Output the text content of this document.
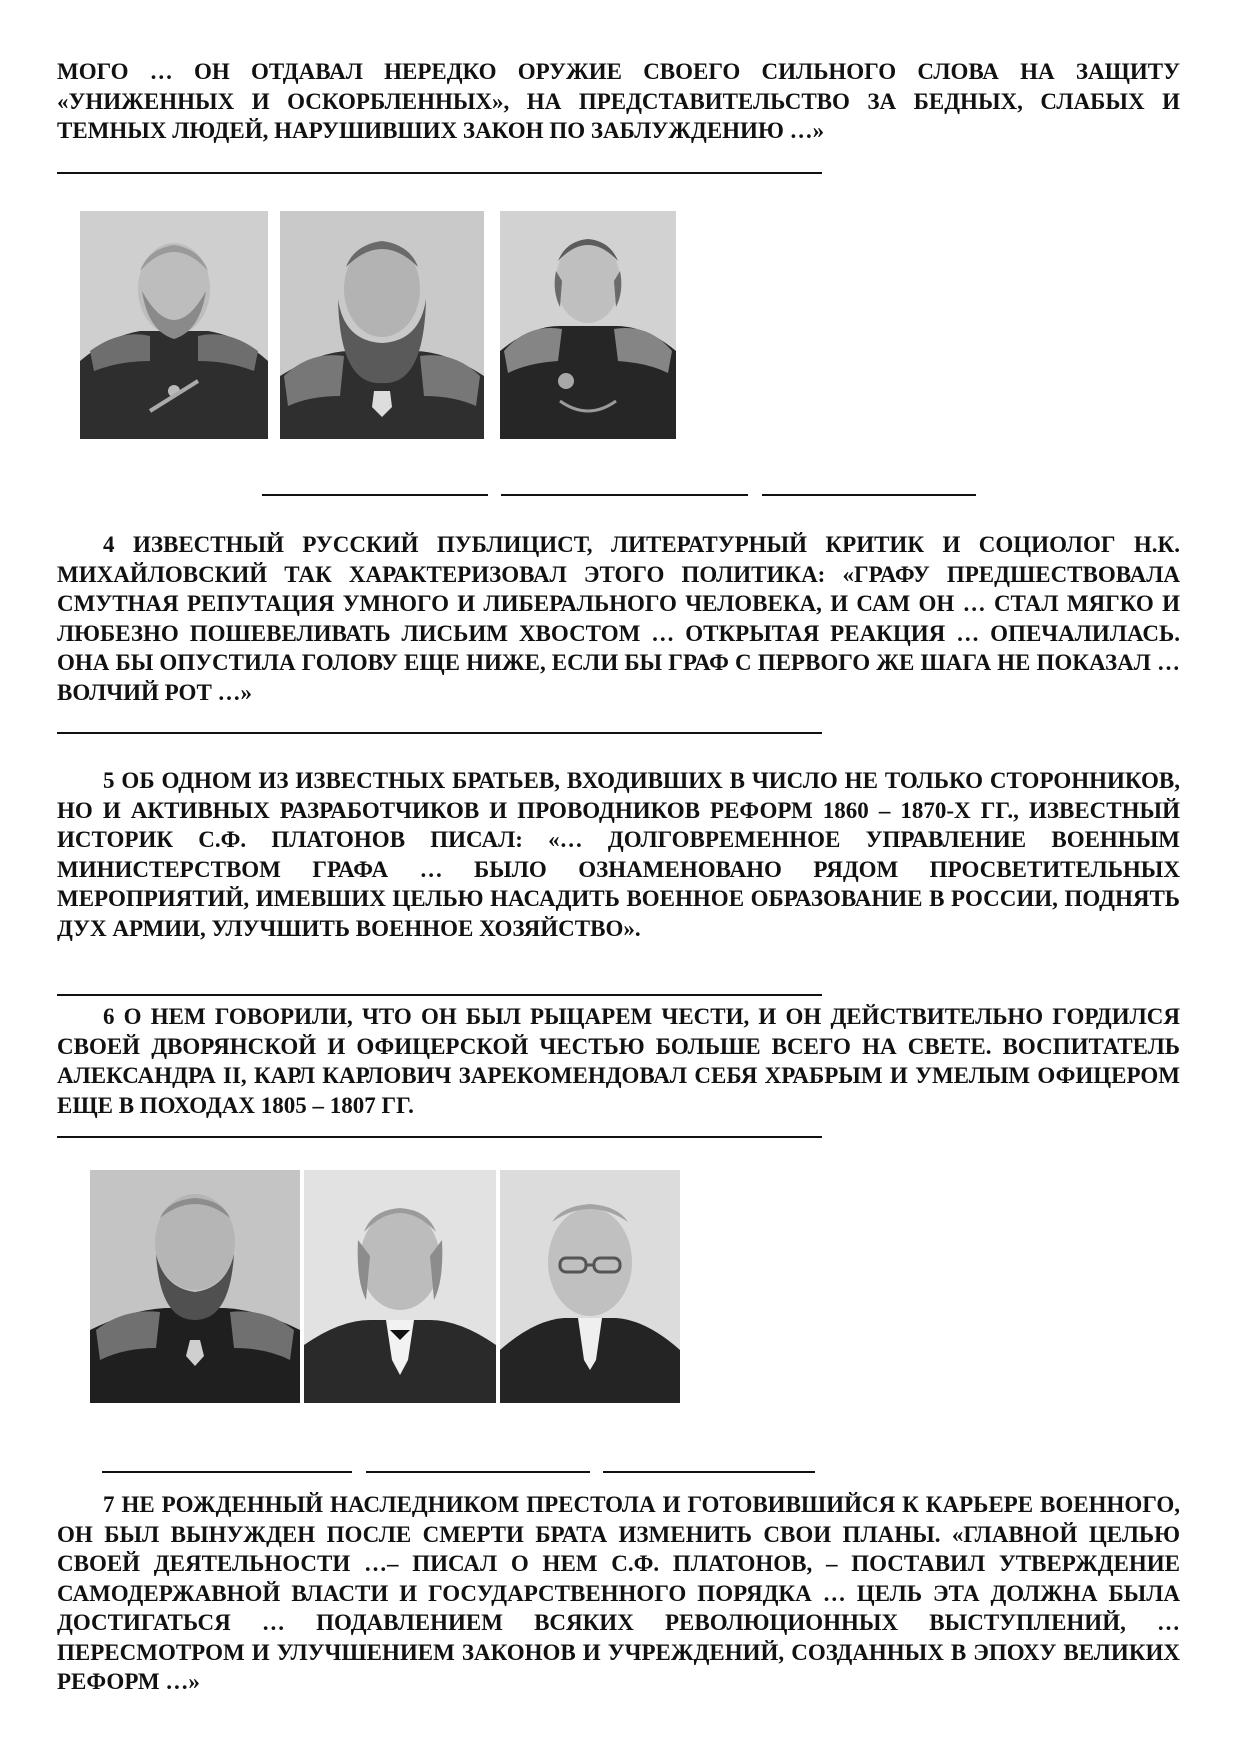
МОГО … ОН ОТДАВАЛ НЕРЕДКО ОРУЖИЕ СВОЕГО СИЛЬНОГО СЛОВА НА ЗАЩИТУ «УНИЖЕННЫХ И ОСКОРБЛЕННЫХ», НА ПРЕДСТАВИТЕЛЬСТВО ЗА БЕДНЫХ, СЛАБЫХ И ТЕМНЫХ ЛЮДЕЙ, НАРУШИВШИХ ЗАКОН ПО ЗАБЛУЖДЕНИЮ …»

4 ИЗВЕСТНЫЙ РУССКИЙ ПУБЛИЦИСТ, ЛИТЕРАТУРНЫЙ КРИТИК И СОЦИОЛОГ Н.К. МИХАЙЛОВСКИЙ ТАК ХАРАКТЕРИЗОВАЛ ЭТОГО ПОЛИТИКА: «ГРАФУ ПРЕДШЕСТВОВАЛА СМУТНАЯ РЕПУТАЦИЯ УМНОГО И ЛИБЕРАЛЬНОГО ЧЕЛОВЕКА, И САМ ОН … СТАЛ МЯГКО И ЛЮБЕЗНО ПОШЕВЕЛИВАТЬ ЛИСЬИМ ХВОСТОМ … ОТКРЫТАЯ РЕАКЦИЯ … ОПЕЧАЛИЛАСЬ. ОНА БЫ ОПУСТИЛА ГОЛОВУ ЕЩЕ НИЖЕ, ЕСЛИ БЫ ГРАФ С ПЕРВОГО ЖЕ ШАГА НЕ ПОКАЗАЛ … ВОЛЧИЙ РОТ …»

5 ОБ ОДНОМ ИЗ ИЗВЕСТНЫХ БРАТЬЕВ, ВХОДИВШИХ В ЧИСЛО НЕ ТОЛЬКО СТОРОННИКОВ, НО И АКТИВНЫХ РАЗРАБОТЧИКОВ И ПРОВОДНИКОВ РЕФОРМ 1860 – 1870-Х ГГ., ИЗВЕСТНЫЙ ИСТОРИК С.Ф. ПЛАТОНОВ ПИСАЛ: «… ДОЛГОВРЕМЕННОЕ УПРАВЛЕНИЕ ВОЕННЫМ МИНИСТЕРСТВОМ ГРАФА … БЫЛО ОЗНАМЕНОВАНО РЯДОМ ПРОСВЕТИТЕЛЬНЫХ МЕРОПРИЯТИЙ, ИМЕВШИХ ЦЕЛЬЮ НАСАДИТЬ ВОЕННОЕ ОБРАЗОВАНИЕ В РОССИИ, ПОДНЯТЬ ДУХ АРМИИ, УЛУЧШИТЬ ВОЕННОЕ ХОЗЯЙСТВО».

6 О НЕМ ГОВОРИЛИ, ЧТО ОН БЫЛ РЫЦАРЕМ ЧЕСТИ, И ОН ДЕЙСТВИТЕЛЬНО ГОРДИЛСЯ СВОЕЙ ДВОРЯНСКОЙ И ОФИЦЕРСКОЙ ЧЕСТЬЮ БОЛЬШЕ ВСЕГО НА СВЕТЕ. ВОСПИТАТЕЛЬ АЛЕКСАНДРА II, КАРЛ КАРЛОВИЧ ЗАРЕКОМЕНДОВАЛ СЕБЯ ХРАБРЫМ И УМЕЛЫМ ОФИЦЕРОМ ЕЩЕ В ПОХОДАХ 1805 – 1807 ГГ.

7 НЕ РОЖДЕННЫЙ НАСЛЕДНИКОМ ПРЕСТОЛА И ГОТОВИВШИЙСЯ К КАРЬЕРЕ ВОЕННОГО, ОН БЫЛ ВЫНУЖДЕН ПОСЛЕ СМЕРТИ БРАТА ИЗМЕНИТЬ СВОИ ПЛАНЫ. «ГЛАВНОЙ ЦЕЛЬЮ СВОЕЙ ДЕЯТЕЛЬНОСТИ …– ПИСАЛ О НЕМ С.Ф. ПЛАТОНОВ, – ПОСТАВИЛ УТВЕРЖДЕНИЕ САМОДЕРЖАВНОЙ ВЛАСТИ И ГОСУДАРСТВЕННОГО ПОРЯДКА … ЦЕЛЬ ЭТА ДОЛЖНА БЫЛА ДОСТИГАТЬСЯ … ПОДАВЛЕНИЕМ ВСЯКИХ РЕВОЛЮЦИОННЫХ ВЫСТУПЛЕНИЙ, … ПЕРЕСМОТРОМ И УЛУЧШЕНИЕМ ЗАКОНОВ И УЧРЕЖДЕНИЙ, СОЗДАННЫХ В ЭПОХУ ВЕЛИКИХ РЕФОРМ …»
